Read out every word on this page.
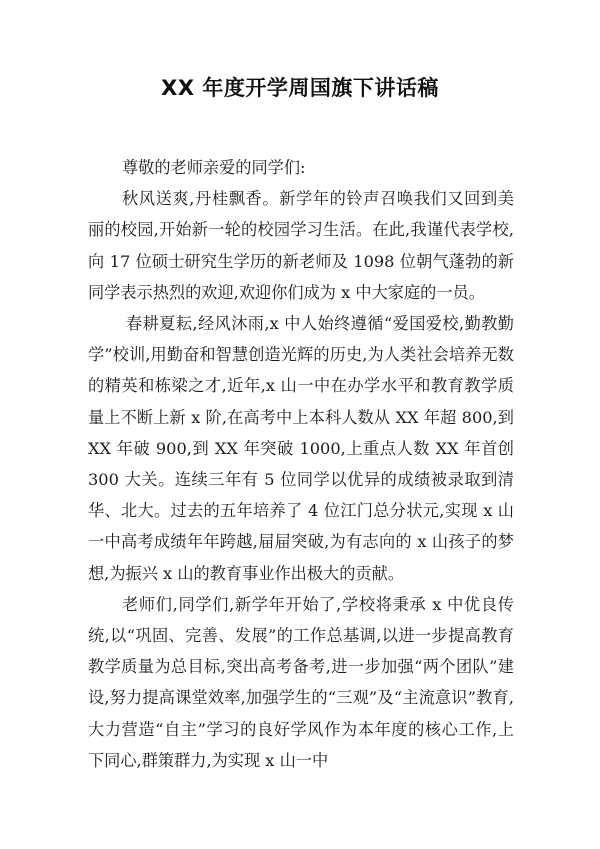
XX 年度开学周国旗下讲话稿

尊敬的老师亲爱的同学们:

秋风送爽,丹桂飘香。新学年的铃声召唤我们又回到美丽的校园,开始新一轮的校园学习生活。在此,我谨代表学校,向 17 位硕士研究生学历的新老师及 1098 位朝气蓬勃的新同学表示热烈的欢迎,欢迎你们成为 x 中大家庭的一员。

春耕夏耘,经风沐雨,x 中人始终遵循“爱国爱校,勤教勤学”校训,用勤奋和智慧创造光辉的历史,为人类社会培养无数的精英和栋梁之才,近年,x 山一中在办学水平和教育教学质量上不断上新 x 阶,在高考中上本科人数从 XX 年超 800,到 XX 年破 900,到 XX 年突破 1000,上重点人数 XX 年首创 300 大关。连续三年有 5 位同学以优异的成绩被录取到清华、北大。过去的五年培养了 4 位江门总分状元,实现 x 山一中高考成绩年年跨越,屇屇突破,为有志向的 x 山孩子的梦想,为振兴 x 山的教育事业作出极大的贡献。

老师们,同学们,新学年开始了,学校将秉承 x 中优良传统,以“巩固、完善、发展”的工作总基调,以进一步提高教育教学质量为总目标,突出高考备考,进一步加强“两个团队”建设,努力提高课堂效率,加强学生的“三观”及“主流意识”教育,大力营造“自主”学习的良好学风作为本年度的核心工作,上下同心,群策群力,为实现 x 山一中
